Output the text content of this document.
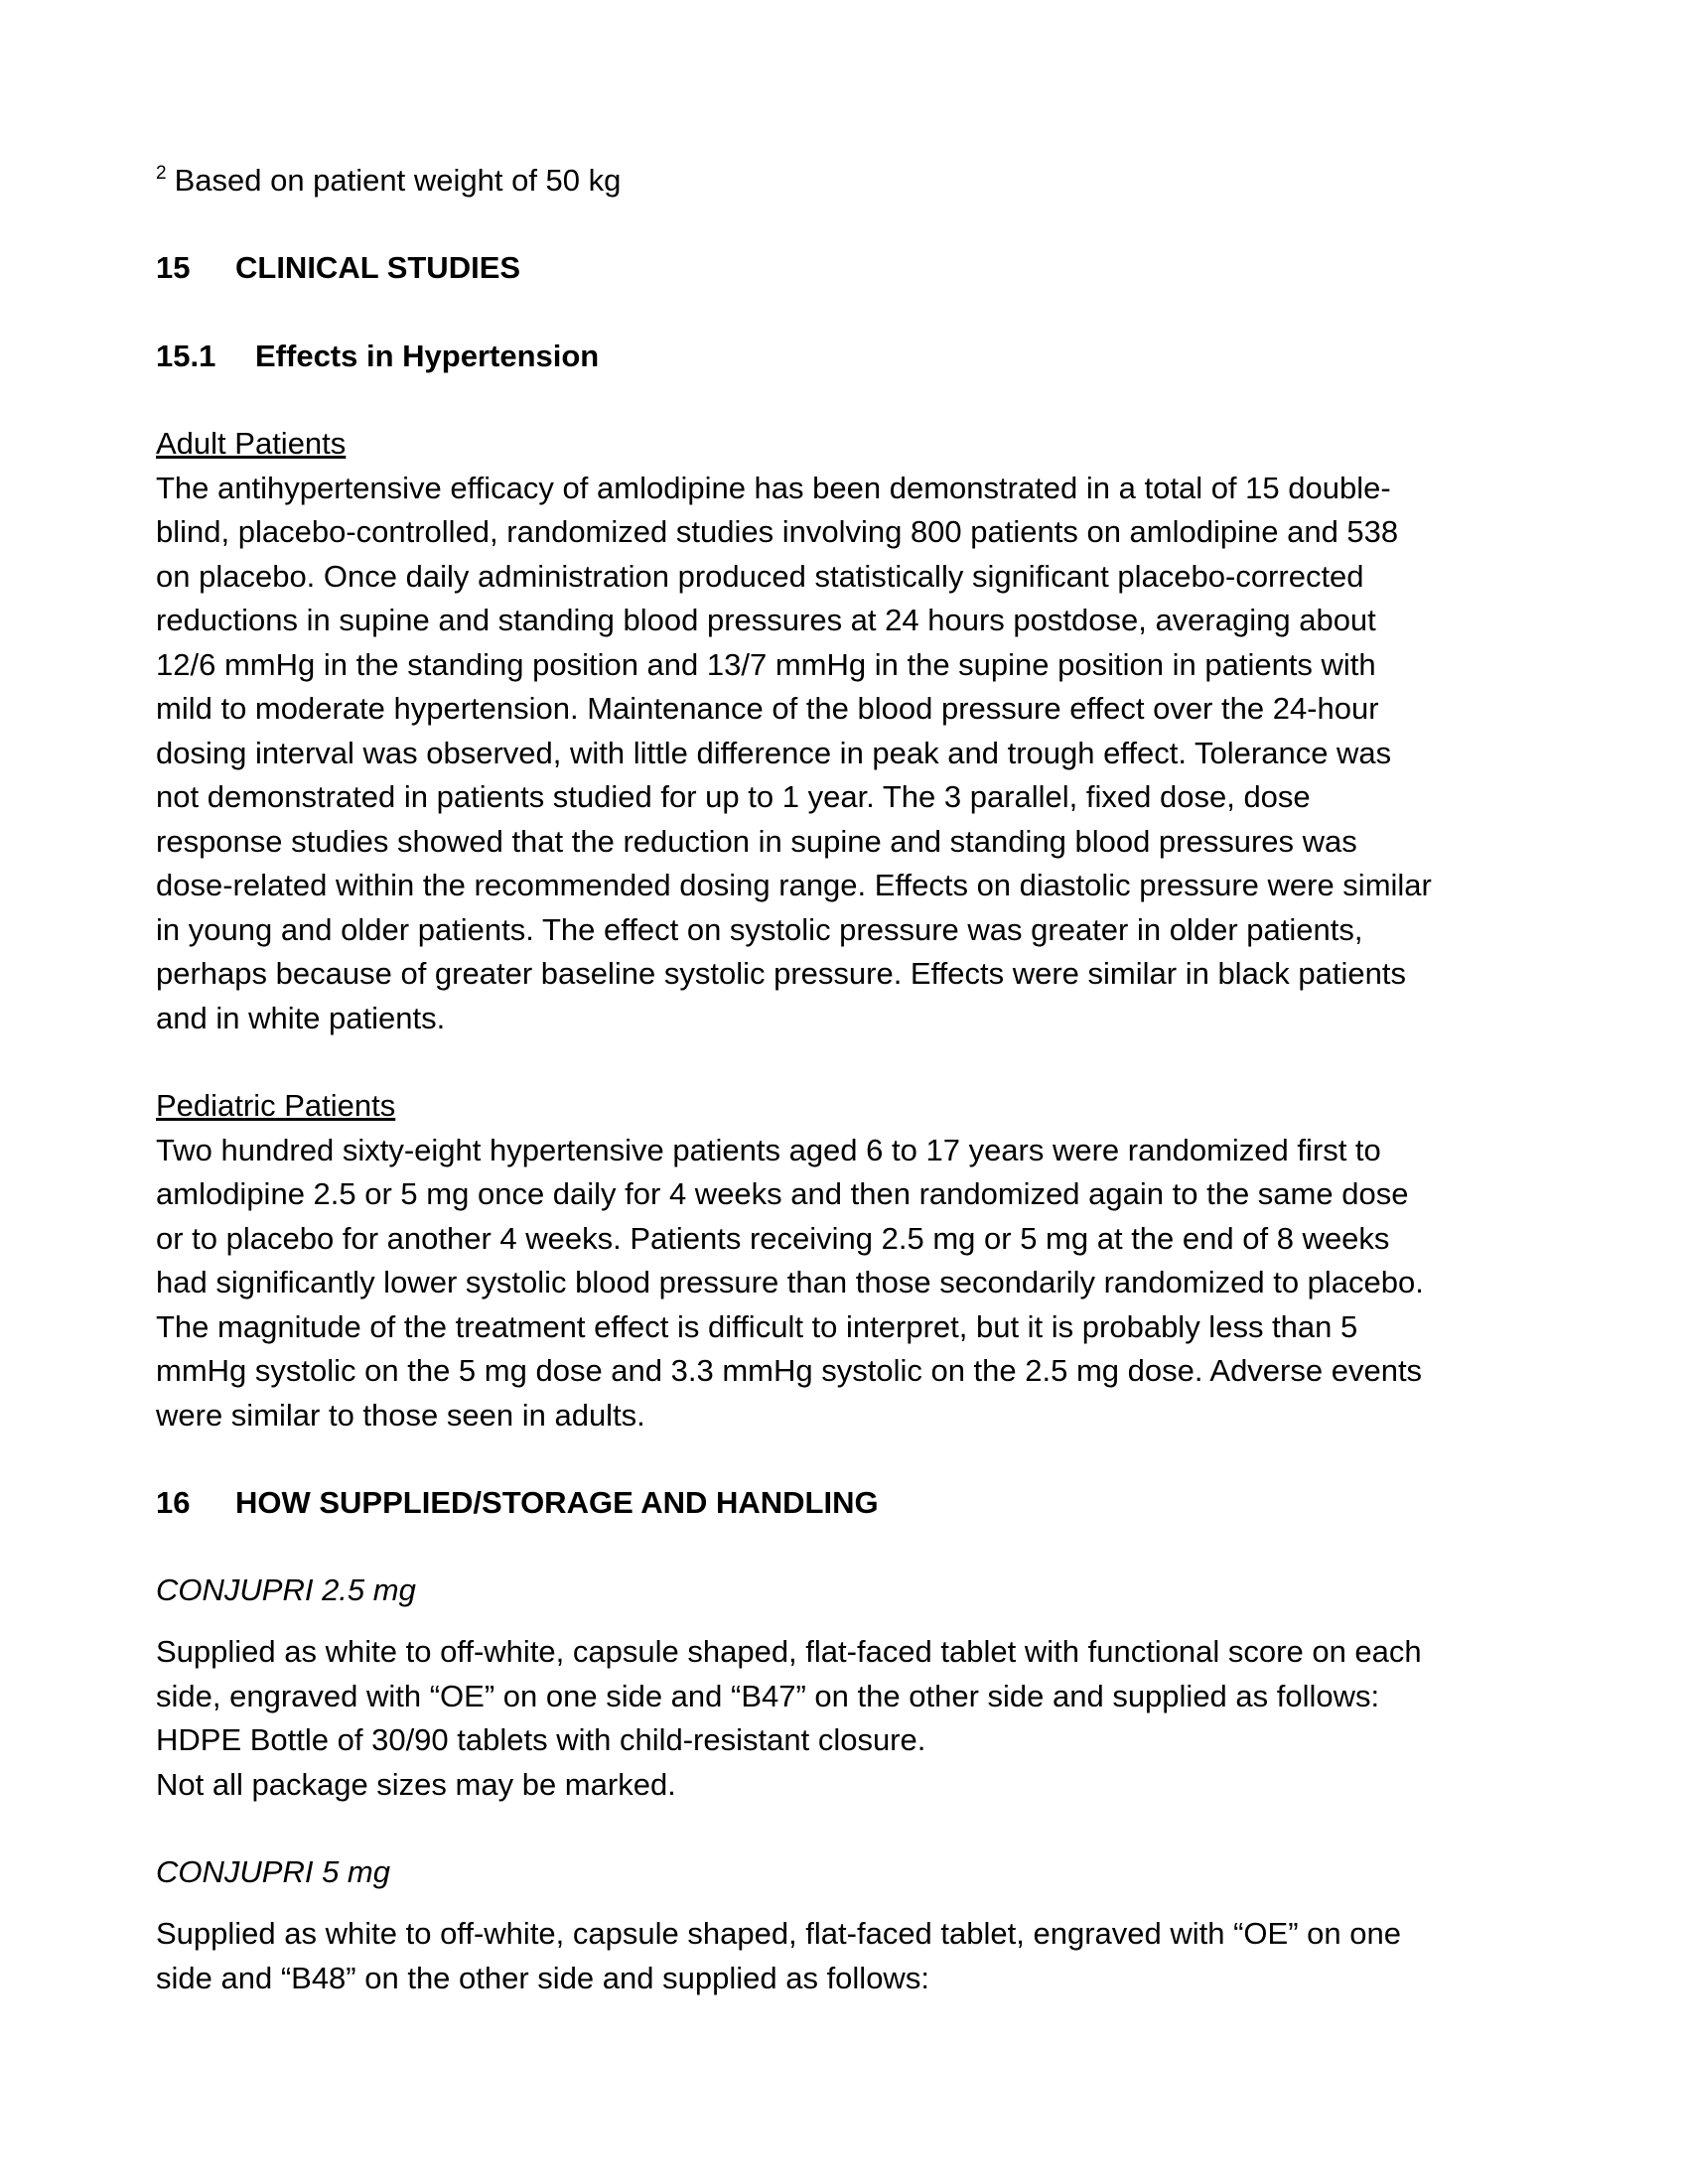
$^2$ Based on patient weight of 50 kg

15	CLINICAL STUDIES
15.1	Effects in Hypertension

Adult Patients

The antihypertensive efficacy of amlodipine has been demonstrated in a total of 15 double-
blind, placebo-controlled, randomized studies involving 800 patients on amlodipine and 538
on placebo. Once daily administration produced statistically significant placebo-corrected
reductions in supine and standing blood pressures at 24 hours postdose, averaging about
12/6 mmHg in the standing position and 13/7 mmHg in the supine position in patients with
mild to moderate hypertension. Maintenance of the blood pressure effect over the 24-hour
dosing interval was observed, with little difference in peak and trough effect. Tolerance was
not demonstrated in patients studied for up to 1 year. The 3 parallel, fixed dose, dose
response studies showed that the reduction in supine and standing blood pressures was
dose-related within the recommended dosing range. Effects on diastolic pressure were similar
in young and older patients. The effect on systolic pressure was greater in older patients,
perhaps because of greater baseline systolic pressure. Effects were similar in black patients
and in white patients.

Pediatric Patients

Two hundred sixty-eight hypertensive patients aged 6 to 17 years were randomized first to
amlodipine 2.5 or 5 mg once daily for 4 weeks and then randomized again to the same dose
or to placebo for another 4 weeks. Patients receiving 2.5 mg or 5 mg at the end of 8 weeks
had significantly lower systolic blood pressure than those secondarily randomized to placebo.
The magnitude of the treatment effect is difficult to interpret, but it is probably less than 5
mmHg systolic on the 5 mg dose and 3.3 mmHg systolic on the 2.5 mg dose. Adverse events
were similar to those seen in adults.
16	HOW SUPPLIED/STORAGE AND HANDLING

CONJUPRI 2.5 mg

Supplied as white to off-white, capsule shaped, flat-faced tablet with functional score on each
side, engraved with “OE” on one side and “B47” on the other side and supplied as follows:
HDPE Bottle of 30/90 tablets with child-resistant closure.
Not all package sizes may be marked.

CONJUPRI 5 mg

Supplied as white to off-white, capsule shaped, flat-faced tablet, engraved with “OE” on one
side and “B48” on the other side and supplied as follows:
